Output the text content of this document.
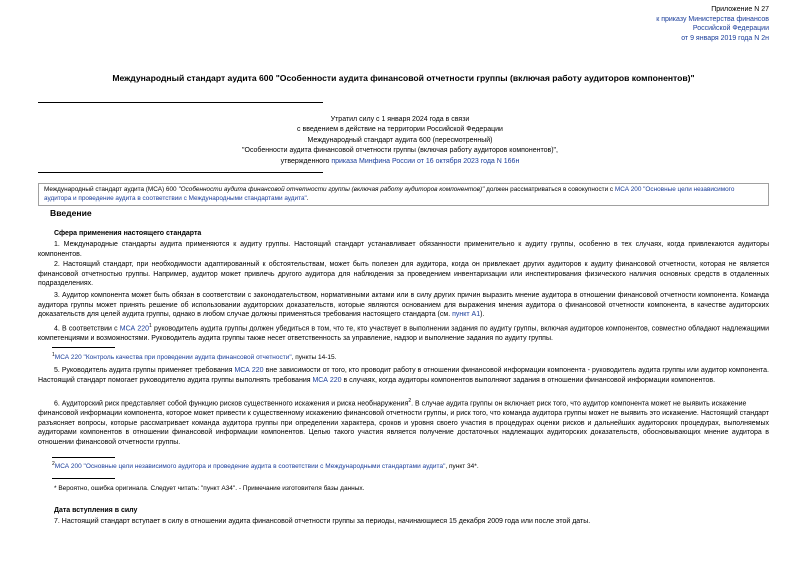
Приложение N 27
к приказу Министерства финансов
Российской Федерации
от 9 января 2019 года N 2н
Международный стандарт аудита 600 "Особенности аудита финансовой отчетности группы (включая работу аудиторов компонентов)"
Утратил силу с 1 января 2024 года в связи
с введением в действие на территории Российской Федерации
Международный стандарт аудита 600 (пересмотренный)
"Особенности аудита финансовой отчетности группы (включая работу аудиторов компонентов)",
утвержденного приказа Минфина России от 16 октября 2023 года N 166н
Международный стандарт аудита (МСА) 600 "Особенности аудита финансовой отчетности группы (включая работу аудиторов компонентов)" должен рассматриваться в совокупности с МСА 200 "Основные цели независимого аудитора и проведение аудита в соответствии с Международными стандартами аудита".
Введение
Сфера применения настоящего стандарта
1. Международные стандарты аудита применяются к аудиту группы. Настоящий стандарт устанавливает обязанности применительно к аудиту группы, особенно в тех случаях, когда привлекаются аудиторы компонентов.
2. Настоящий стандарт, при необходимости адаптированный к обстоятельствам, может быть полезен для аудитора, когда он привлекает других аудиторов к аудиту финансовой отчетности, которая не является финансовой отчетностью группы. Например, аудитор может привлечь другого аудитора для наблюдения за проведением инвентаризации или инспектирования физического наличия основных средств в отдаленных подразделениях.
3. Аудитор компонента может быть обязан в соответствии с законодательством, нормативными актами или в силу других причин выразить мнение аудитора в отношении финансовой отчетности компонента. Команда аудитора группы может принять решение об использовании аудиторских доказательств, которые являются основанием для выражения мнения аудитора о финансовой отчетности компонента, в качестве аудиторских доказательств для целей аудита группы, однако в любом случае должны применяться требования настоящего стандарта (см. пункт A1).
4. В соответствии с МСА $220^1$ руководитель аудита группы должен убедиться в том, что те, кто участвует в выполнении задания по аудиту группы, включая аудиторов компонентов, совместно обладают надлежащими компетенциями и возможностями. Руководитель аудита группы также несет ответственность за управление, надзор и выполнение задания по аудиту группы.
$^1$МСА 220 "Контроль качества при проведении аудита финансовой отчетности", пункты 14-15.
5. Руководитель аудита группы применяет требования МСА 220 вне зависимости от того, кто проводит работу в отношении финансовой информации компонента - руководитель аудита группы или аудитор компонента. Настоящий стандарт помогает руководителю аудита группы выполнять требования МСА 220 в случаях, когда аудиторы компонентов выполняют задания в отношении финансовой информации компонентов.
6. Аудиторский риск представляет собой функцию рисков существенного искажения и риска необнаружения$^2$. В случае аудита группы он включает риск того, что аудитор компонента может не выявить искажение
финансовой информации компонента, которое может привести к существенному искажению финансовой отчетности группы, и риск того, что команда аудитора группы может не выявить это искажение. Настоящий стандарт разъясняет вопросы, которые рассматривает команда аудитора группы при определении характера, сроков и уровня своего участия в процедурах оценки рисков и дальнейших аудиторских процедурах, выполняемых аудиторами компонентов в отношении финансовой информации компонентов. Целью такого участия является получение достаточных надлежащих аудиторских доказательств, обосновывающих мнение аудитора в отношении финансовой отчетности группы.
$^2$МСА 200 "Основные цели независимого аудитора и проведение аудита в соответствии с Международными стандартами аудита", пункт 34*.
* Вероятно, ошибка оригинала. Следует читать: "пункт A34". - Примечание изготовителя базы данных.
Дата вступления в силу
7. Настоящий стандарт вступает в силу в отношении аудита финансовой отчетности группы за периоды, начинающиеся 15 декабря 2009 года или после этой даты.
